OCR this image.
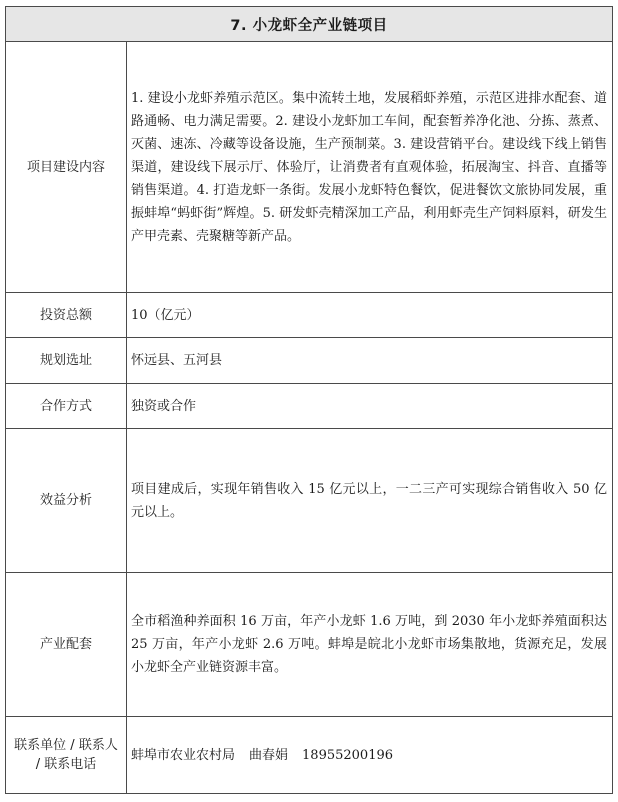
7. 小龙虾全产业链项目	
项目建设内容	1. 建设小龙虾养殖示范区。集中流转土地，发展稻虾养殖，示范区进排水配套、道路通畅、电力满足需要。2. 建设小龙虾加工车间，配套暂养净化池、分拣、蒸煮、灭菌、速冻、冷藏等设备设施，生产预制菜。3. 建设营销平台。建设线下线上销售渠道，建设线下展示厅、体验厅，让消费者有直观体验，拓展淘宝、抖音、直播等销售渠道。4. 打造龙虾一条街。发展小龙虾特色餐饮，促进餐饮文旅协同发展，重振蚌埠“蚂虾街”辉煌。5. 研发虾壳精深加工产品，利用虾壳生产饲料原料，研发生产甲壳素、壳聚糖等新产品。
投资总额	10（亿元）
规划选址	怀远县、五河县
合作方式	独资或合作
效益分析	项目建成后，实现年销售收入 15 亿元以上，一二三产可实现综合销售收入 50 亿元以上。
产业配套	全市稻渔种养面积 16 万亩，年产小龙虾 1.6 万吨，到 2030 年小龙虾养殖面积达 25 万亩，年产小龙虾 2.6 万吨。蚌埠是皖北小龙虾市场集散地，货源充足，发展小龙虾全产业链资源丰富。
联系单位 / 联系人 / 联系电话	蚌埠市农业农村局 曲春娟 18955200196
